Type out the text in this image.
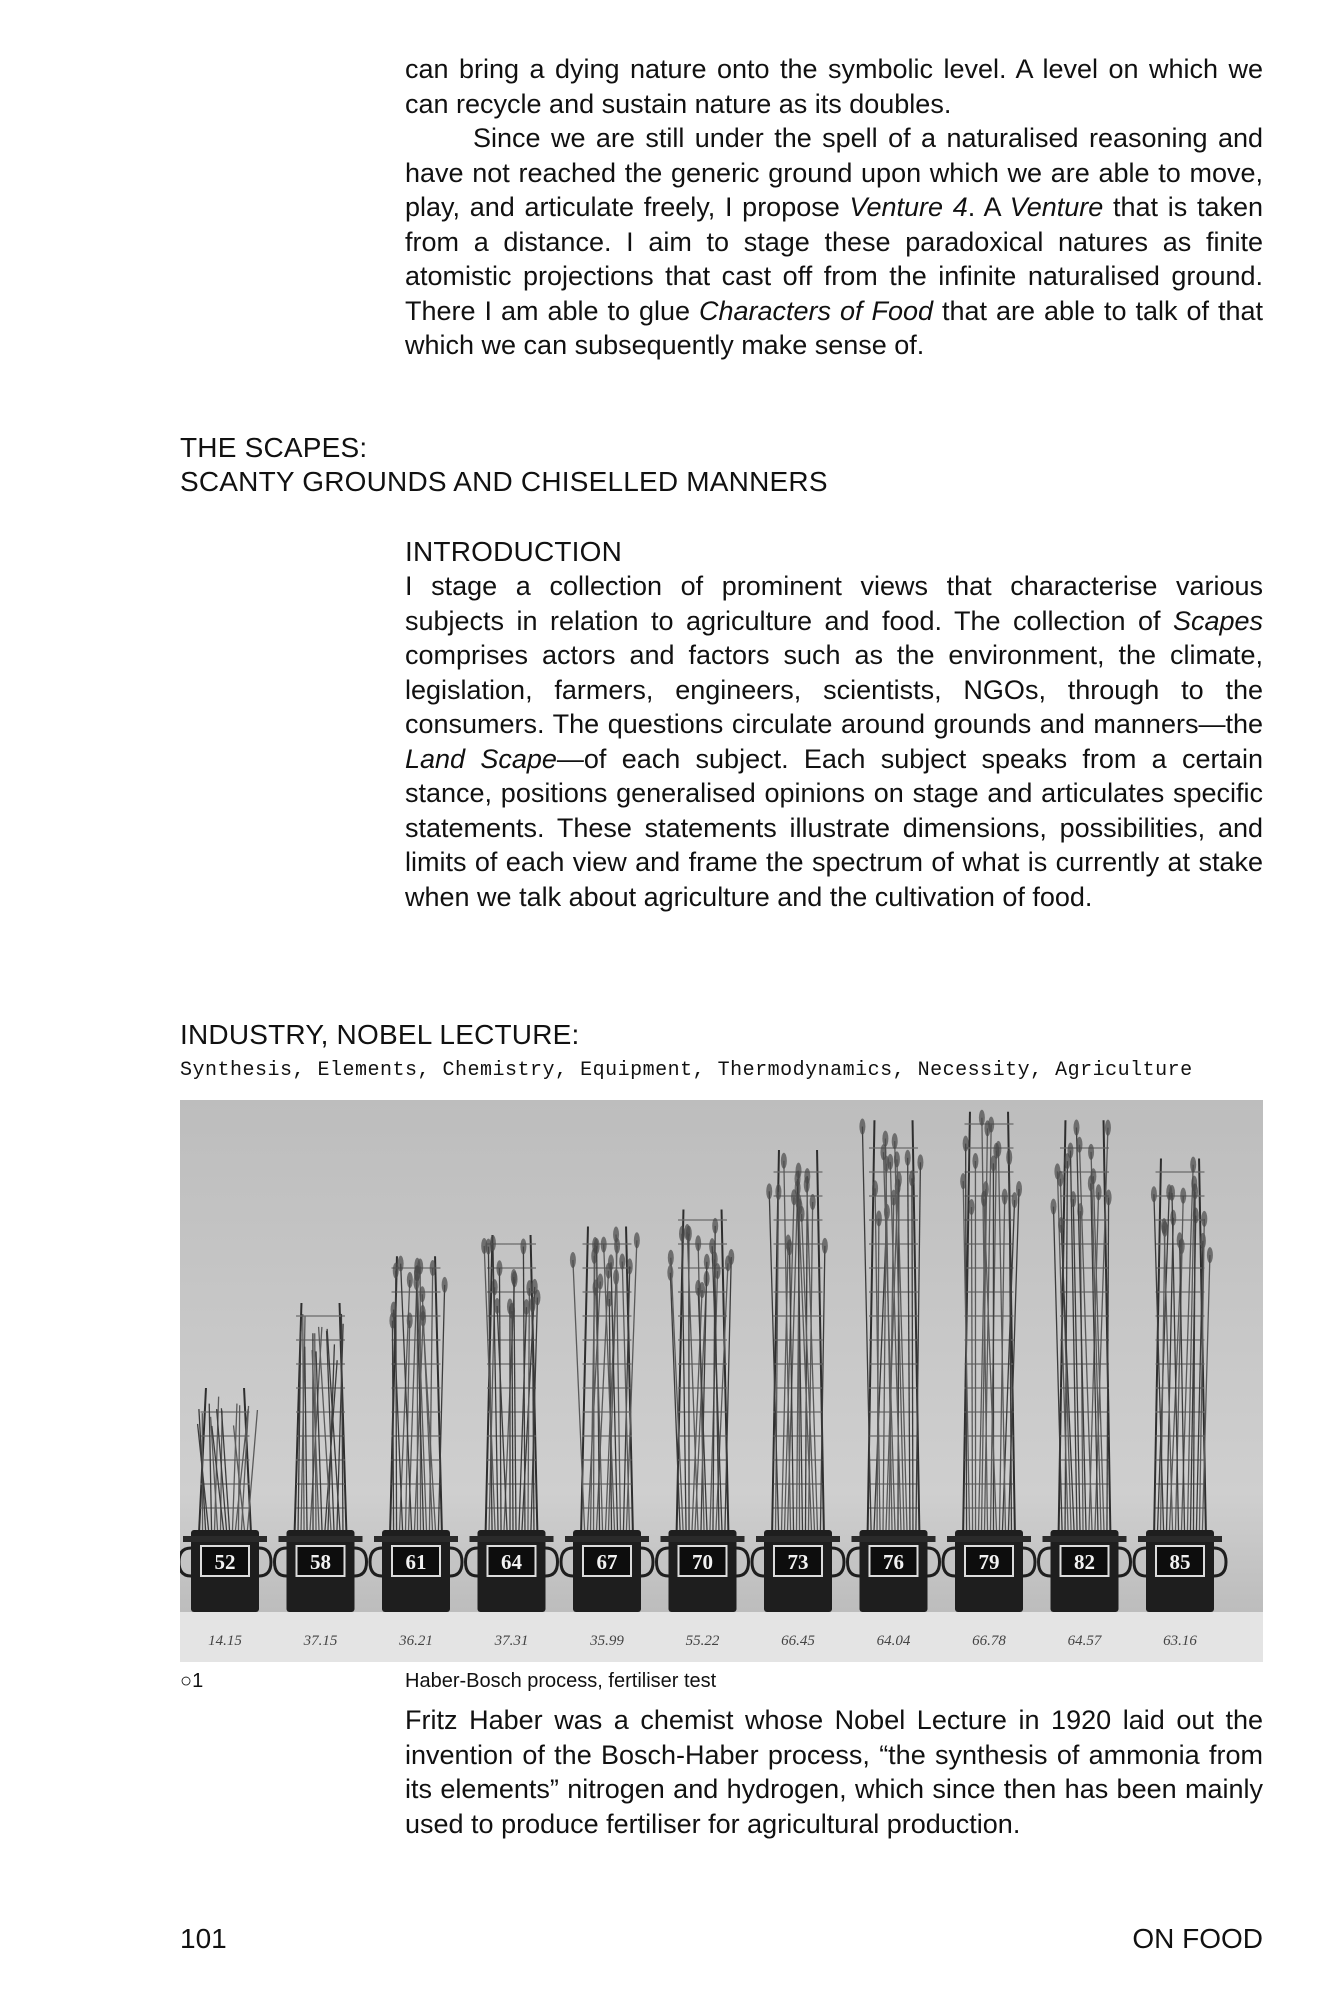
can bring a dying nature onto the symbolic level. A level on which we can recycle and sustain nature as its doubles.

Since we are still under the spell of a naturalised reasoning and have not reached the generic ground upon which we are able to move, play, and articulate freely, I propose Venture 4. A Venture that is taken from a distance. I aim to stage these paradoxical natures as finite atomistic projections that cast off from the infinite naturalised ground. There I am able to glue Characters of Food that are able to talk of that which we can subsequently make sense of.

THE SCAPES:
SCANTY GROUNDS AND CHISELLED MANNERS
INTRODUCTION

I stage a collection of prominent views that characterise various subjects in relation to agriculture and food. The collection of Scapes comprises actors and factors such as the environment, the climate, legislation, farmers, engineers, scientists, NGOs, through to the consumers. The questions circulate around grounds and manners—the Land Scape—of each subject. Each subject speaks from a certain stance, positions generalised opinions on stage and articulates specific statements. These statements illustrate dimensions, possibilities, and limits of each view and frame the spectrum of what is currently at stake when we talk about agriculture and the cultivation of food.

INDUSTRY, NOBEL LECTURE:
Synthesis, Elements, Chemistry, Equipment, Thermodynamics, Necessity, Agriculture
52	58	61	64	67	70	73	76	79	82	85
14.15	37.15	36.21	37.31	35.99	55.22	66.45	64.04	66.78	64.57	63.16
○1	Haber-Bosch process, fertiliser test

Fritz Haber was a chemist whose Nobel Lecture in 1920 laid out the invention of the Bosch-Haber process, “the synthesis of ammonia from its elements” nitrogen and hydrogen, which since then has been mainly used to produce fertiliser for agricultural production.

101	ON FOOD
